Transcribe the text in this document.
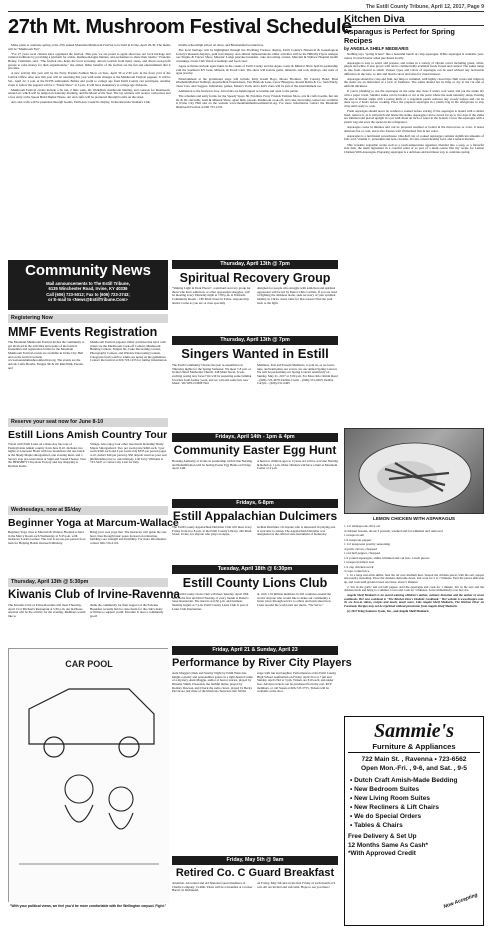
The Estill County Tribune, April 12, 2017, Page 9
27th Mt. Mushroom Festival Schedule

Make plans to celebrate spring at the 27th annual Mountain Mushroom Festival to be held in Irvine, April 29-30. The theme will be "Mushroom Fun".

"For 27 years local citizens have organized the festival. This year we are proud to again showcase our local heritage and cultural traditions by providing a platform for artists, mushroom-lagne hunters, and performers to share their talents," Francine Bonny, Chairman, said. "The festival also helps the local economy, attracts tourists from many states, and allows non-profit groups to raise money for their organizations," she added. Other benefits of the festival are the fun and entertainment that it provides.

A new activity this year will be the Furry Friends Fashion Show on Sun., April 30 at 2:30 p.m. in the front yard of the Central Office. Also new this year will be returning this year with some changes is the Mushroom Festival pageant. It will be Sat., April 22, 2 p.m. at the ECHS auditorium. Babies and youth to college age from Estill County can participate. Another event to follow the pageant will be a "Talent Show" at 3 p.m. It will have elementary to college age divisions.

Mushroom Festival events include a 5k run, 2 mile walk, 2K Walk/Run, mushroom hunting, and contests for mushroom-related art, which will be judged on Saturday morning, and the Morel of the Year. The top winners will receive cash prizes and a free entry at the Spoon Bend Shelter House. Art and crafts will be promoted through booths on the street.

Arts and crafts will be promoted through booths, Estill Arts Council's display, Irvine-Ravenna Woman's Club

middle school/high school art show, and Bicentennial locomotives.

The local heritage will be highlighted through the Fitchburg Furnace display, Estill County's Historical & Genealogical Society's museum displays, quilt trail display, and cultural demonstrations. Other activities will be the Hillbilly Flyers Antique Gas Engine & Tractor Show, Masonic Lodge pancake breakfast, cake decorating contest, Marcum & Wallace Hospital health screenings, Lions Club vision screenings and food court.

Agate activities include agate hunts in the creeks of Estill County and the Agate, Gem, & Mineral Show held in partnership with the Southeast KY Gem, Mineral, & Fossil Club. The show will feature gems, minerals, and rock displays, and sales of agate jewelry.

Entertainment at the grandstand stage will include Kitty Kaudi Boys, Moore Brothers, 5th Country Band, Brad Wiseham/Michael Stallings, Appalachian Troubadours, Van Pharis & Lena, Ceres' Bluegrass, Round Robin & Co., Sam Pandy, Cheer Cats, and cloggers. Inflatables, games, Mister's Train, and a Kid's Zone will be part of the entertainment too.

Admission to the festival is free. All events are handicapped accessible and open to the public.

The schedule and entry forms for the Speedy Spore 5K Fun Run, Furry Friends Fashion Show, arts & crafts booths, fun run 5K & 2K run/walk, Gem & Mineral Show, agate hunt, parade, mushroom cook-off, and cake decorating contest are available in Irvine City Hall and on the website www.mountainmushroomfestival.org. For more information contact the Mountain Mushroom Festival at 606 723-1233.

Community News
Mail announcements to The Estill Tribune,
6135 Winchester Road, Irvine, KY 40336
Call (606) 723-5012; Fax to (606) 723-2743;
or E-mail to <News@EstillTribune.Com>
Registering Now
MMF Events Registration
The Mountain Mushroom Festival invites the community to get involved in the activities and events of the festival. Guidelines and registration forms for the Mountain Mushroom Festival events are available in Irvine City Hall and on the festival website www.mountainmushroomfestival.org. The events are the Arts & Crafts Booths, Fungus 5K & 2K Run/Walk, Parade, and
Mushroom Festival pageant. Other activities that have cash prizes are the Mushroom Cook-off Contest, Mushroom Hunting Contest, Fungus 5K, Cake Decorating Contest, Photography Contest, and Window Decorating Contest. Categories from youth to adults are noted on the guidelines. Contact the festival at 606 723-1233 for further information.
Reserve your seat now for June 8-10
Estill Lions Amish Country Tour
Travel with Estill Lions on a three-day bus tour of Pennsylvania Amish country from June 8-10. Includes two nights at Lancaster Hotel with two breakfasts and one lunch at the Shady Maple smorgasbord, one evening meal, and a Savory stop pre-reservation at Sight and Sound Theater. Tour the HERSHEY Chocolate Factory and day shopping at Kitchen Kettle
Village. Also enjoy four other free meals including Shady Maple Smorgasbord. Two per room price $490 each, 3 per room $390 each and 4 per room only $335 per person (ages 4-10, deduct $40 per person). $50 deposit reserves your seat (Refundable prior to cancellation). Call Terry Williams at 723-5447 or contact any Lion for help.
Wednesdays, now at $5/day
Beginner Yoga at Marcum-Wallace
Beginner Yoga class at Marcum & Wallace Hospital is held in the Mercy Room each Wednesday at 5:45 p.m. with instructor Lorina Gomez. The cost is an one-per-person food item for Helping Hands Outreach Ministry.
Bring your own yoga mat. The instructor will guide the one-hour class through basic poses focused on relaxation, building core strength and flexibility. For more information, contact 606-726-2119.
Thursday, April 13th @ 5:30pm
Kiwanis Club of Irvine-Ravenna
The Kiwanis Club of Irvine-Ravenna will meet Thursday, April 13 at Michael's Restaurant at 5:30 p.m. An In-House Auction will be the activity for the evening. Members would like to
thank the community for their support of the Pancake Breakfast recently held to raise funds for the club's many activities to support youth. Kiwanis: It does a community good!
CAR POOL
"With your political views, we feel you'd be more comfortable with the Wellington carpool. Fight."
Thursday, April 13th @ 7pm
Spiritual Recovery Group
"Shining Light in Dark Places", a spiritual recovery group for those who have addiction, or other oppression struggles, will be meeting every Thursday night at 7:00 p.m. at Westside Community Room – 180 Main Street in Irvine. Anyone may attend. Come as you are. A class specially
designed for people who struggle with addiction and spiritual oppression will be led by Pastor Chris Carlisle. If you are tired of fighting the darkness alone, seek recovery of your spiritual identity in Christ. Jesus came for that reason! Find the path back to the light.
Thursday, April 13th @ 7pm
Singers Wanted in Estill
The Estill Community Chorus has just re-assembled on Thursday nights for the Spring Semester. We meet 7-8 p.m. at Irvine United Methodist Church, 248 Main Street. It was exciting seeing new faces! We will be preparing some familiar favorites from former years, and we will add some fun, new Music. We WELCOME New
Members, Past and Present Members, to join us, as we learn, tune, and harmonize our voices, for our annual Spring Concert. We will be performing our Spring Concert tentatively on Sunday, May 21, 2017 at 3:00 p.m. For More Info: Robin Reed – (606)-723-4678; Debbie Curtis – (606)-531-0465; Debbie Carlyle – (606)-531-0465
Fridays, April 14th - 1pm & 4pm
Community Easter Egg Hunt
Housing Authority of Irvine in partnership with Irvine Nursing and Rehabilitation will be having Easter Egg Hunts on Friday, April 14th.
A hunt for children ages to 4 years old will be at Irvine Nursing & Rehab at 1 p.m. Older children will have a hunt at Mountain Center at 4 p.m.
Fridays, 6-8pm
Estill Appalachian Dulcimers
The Estill County Appalachian Dulcimer Club will meet every Friday from 6 to 8 p.m. at the Estill County Library, 246 Main Street, Irvine, for anyone who plays an Appa-
lachian Dulcimer. Or anyone who is interested in playing one is welcome to attend. The Appalachian Dulcimer was designated as the official state instrument of Kentucky.
Tuesday, April 18th @ 6:30pm
Estill County Lions Club
The Estill County Lions Club will meet Tuesday, April 18th and on the first and third Tuesday of every month at Rader's Steer Restaurant. The meal is at 6:30 p.m. and business meeting begins at 7 p.m. Estill County Lions Club is part of Lions Club Internation-
al, with 1.35 million members in 202 countries around the world. Anyone who would like to make our community a better place through service to others and learn about how Lions around the world earn our motto, "We Serve."
Friday, April 21 & Sunday, April 23
Performance by River City Players
Aunt Maggie's Dark and Stormy Night by Edith Weiss has knight-a-plenty and personalities galore in a light-hearted romp of a mystery. Aunt Maggie, author of horror stories, played by Dinome Smith. Dweedon, the faithful butler, played by Rodney Dawson, and Chuck the radio clown, played by Becky Parvin are just three of the hilarious characters that fill the
stage with fun and laughter. Performances at the Estill County High School Auditorium on Friday, April 21st at 7 pm and Sunday, April 23rd at 3 pm. Tickets are $10 each, and under free. Advance tickets can be purchased from the cast, RCP members, or call Susan at 606-723-5755. Tickets will be available at the door.
Friday, May 5th @ 9am
Retired Co. C Guard Breakfast
Attention. All retired and old National Guard members of Charlie Company 1/149th. There will be a breakfast at Cracker Barrel, in Richmond,
on Friday, May 5th and on the first Friday of each month at 9 a.m. All are invited and welcome. Hope to see you there!
Kitchen Diva
Asparagus is Perfect for Spring Recipes
by ANGELA SHELF MEDEARIS

Nothing says "spring is here" like a beautiful bunch of crisp asparagus. While asparagus is available year-round, it's much better when purchased locally.

Asparagus is easy to select and prepare, and comes in a variety of vibrant colors including green, white, purple and white. It also grows wild and is commercially available fresh, frozen and canned. The stalks range in size from colossal to small. Various types and colors of asparagus can be used without any noticeable difference in the taste, so mix and match colors and sizes for visual interest.

Asparagus should be crisp and firm, not limp or wrinkled, with tightly closed tips. Dull colors and ridges in the stems are an indication of a lack of freshness. The stalks should not be limp or dry at the cut end of uniform thickness.

If you're planning to use the asparagus on the same day, rinse it under cool water and pat the stalks dry with a paper towel. Smaller stalks can be broken or cut at the point where the stem naturally snaps. Peeling the end of thicker stalks with a paring knife or a vegetable peeler removes any woody texture and can be done up to 2 hours before cooking. Place the prepared asparagus in a plastic bag in the refrigerator to stay crisp until ready to cook.

Fresh asparagus should never be washed or soaked before storing. If the asparagus is bound with a rubber band, remove it, as it will pinch and bruise the stalks. Asparagus can be stored for up to two days if the stalks are trimmed and placed upright in a jar with about an inch of water in the bottom. Cover the asparagus with a plastic bag and store the spears in the refrigerator.

Asparagus cooks in minutes and can be prepared steamed or boiled in the microwave or oven. It tastes delicious hot or cold, and it also freezes well if blanched first in hot water.

Asparagus is a nutritional powerhouse. One-half cup of cooked asparagus contains significant amounts of folic acid, vitamin C, potassium and beta-carotene. It's also a heart-healthy food, and a natural diuretic.

This versatile vegetable works well as a room-temperature appetizer, blended into a soup, or a flavorful side dish, the main ingredient in a colorful salad or as part of a main course like my recipe for Lemon Chicken With Asparagus. Preparing asparagus is a delicious and nutritious way to celebrate spring.

LEMON CHICKEN WITH ASPARAGUS
1 1/2 tablespoons olive oil
4 chicken breasts, about 3 pounds, washed and fat trimmed and removed
1 teaspoon salt
1/2 teaspoon pepper
1 1/2 teaspoons poultry seasoning
4 garlic cloves, chopped
1 red bell pepper, chopped
1/2 pound asparagus, stalks trimmed and cut into 1-inch pieces
1 teaspoon lemon zest
1/2 cup chicken stock
3 cups cooked rice

1. In a large non-stick skillet, heat the oil over medium heat. Season the chicken pieces with the salt, pepper and poultry seasoning. Place the chicken, skin-side down, and cook for 5 to 7 minutes. Turn the pieces skin-side up, and cook until golden brown and done, about 5 minutes.

2. Stir in the garlic and red bell pepper. Add the asparagus and cook for 1 minute. Stir in the zest and the chicken stock and bring to a simmer. Cover and cook for 3 minutes. Serve immediately over hot rice.

Angela Shelf Medearis is an award-winning children's author, culinary historian and the author of seven cookbooks. Her new cookbook is "The Kitchen Diva's Diabetic Cookbook." Her website is www.divapro.com. To see how-to videos, recipes and much, much more, Like Angela Shelf Medearis, The Kitchen Diva! on Facebook. Recipes may not be reprinted without permission from Angela Shelf Medearis.

(c) 2017 King Features Synd., Inc., and Angela Shelf Medearis

Sammie's
Furniture & Appliances
722 Main St. , Ravenna • 723-6562
Open Mon.-Fri. , 9-6, and Sat. , 9-5
• Dutch Craft Amish-Made Bedding
• New Bedroom Suites
• New Living Room Suites
• New Recliners & Lift Chairs
• We do Special Orders
• Tables & Chairs
Free Delivery & Set Up
12 Months Same As Cash*
*With Approved Credit
Now Accepting
